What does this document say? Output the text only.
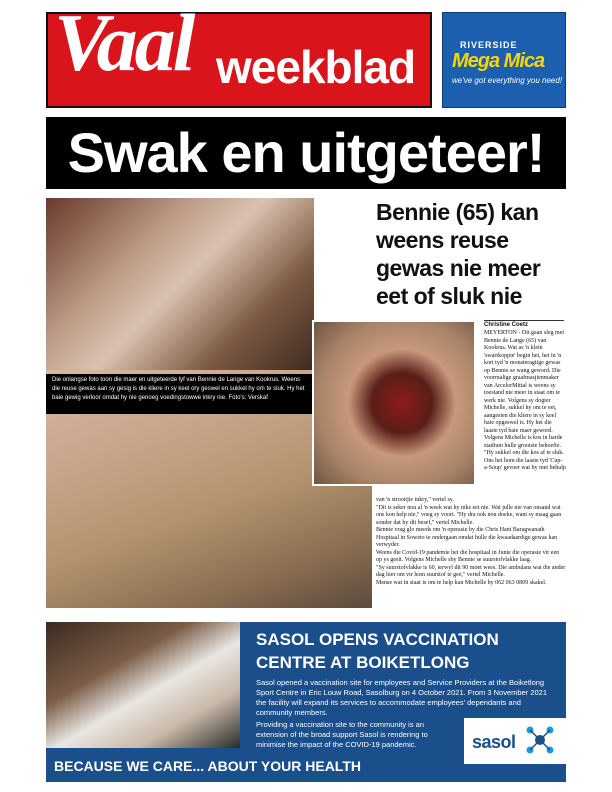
Vaal weekblad	RIVERSIDE
Mega Mica
we've got everything you need!
Swak en uitgeteer!
Die onlangse foto toon die maer en uitgeteerde lyf van Bennie de Lange van Kookrus. Weens die reuse gewas aan sy gesig is die kliere in sy keel ory geswel en sukkel hy om te sluk. Hy het baie gewig verloor omdat hy nie genoeg voedingstowwe inkry nie. Foto's: Verskaf
Bennie (65) kan weens reuse gewas nie meer eet of sluk nie
Christine Coetz

MEYERTON - Dit gaan sleg met Bennie de Lange (65) van Kookrus. Wat as 'n klein 'swartkoppie' begin het, het in 'n kort tyd 'n monsteragtige gewas op Bennie se wang geword. Die voormalige graafmasjienmaker van ArcelorMittal is weens sy toestand nie meer in staat om te werk nie. Volgens sy dogter Michelle, sukkel hy om te eet, aangesien die kliere in sy keel baie opgeswel is. Hy het die laaste tyd baie maer geword. Volgens Michelle is kos in harde stadium hulle grootste behoefte.

"Hy sukkel om die kos af te sluk. Ons het hom die laaste tyd 'Cup-a-Soup' gevoer wat hy met behulp

van 'n strooitjie inkry," vertel sy.

"Dit is seker nou al 'n week wat hy niks eet nie. Wat julle nie van onsand wat ons kon help nie," voeg sy voort. "Hy dra ook nou doeke, want sy maag gaan sonder dat hy dit besef," vertel Michelle.

Bennie vrag glo meeds om 'n operasie by die Chris Hani Baragwanath Hospitaal in Soweto te ondergaan omdat hulle die kwaadaardige gewas kan verwyder.

Weens die Covid-19 pandemie het die hospitaal in Junie die operasie vir een op ys gesit. Volgens Michelle sby Bennie se suurstofvlakke laag.

"Sy suurstofvlakke is 60, terwyl dit 90 moet wees. Die ambulans wat die ander dag hier om vir hom suurstof te gee," vertel Michelle.

Mense wat in staat is om te help kan Michelle by 062 063 0809 skakel.

SASOL OPENS VACCINATION CENTRE AT BOIKETLONG
Sasol opened a vaccination site for employees and Service Providers at the Boiketlong Sport Centre in Eric Louw Road, Sasolburg on 4 October 2021. From 3 November 2021 the facility will expand its services to accommodate employees' dependants and community members.
Providing a vaccination site to the community is an extension of the broad support Sasol is rendering to minimise the impact of the COVID-19 pandemic.	sasol
BECAUSE WE CARE... ABOUT YOUR HEALTH
